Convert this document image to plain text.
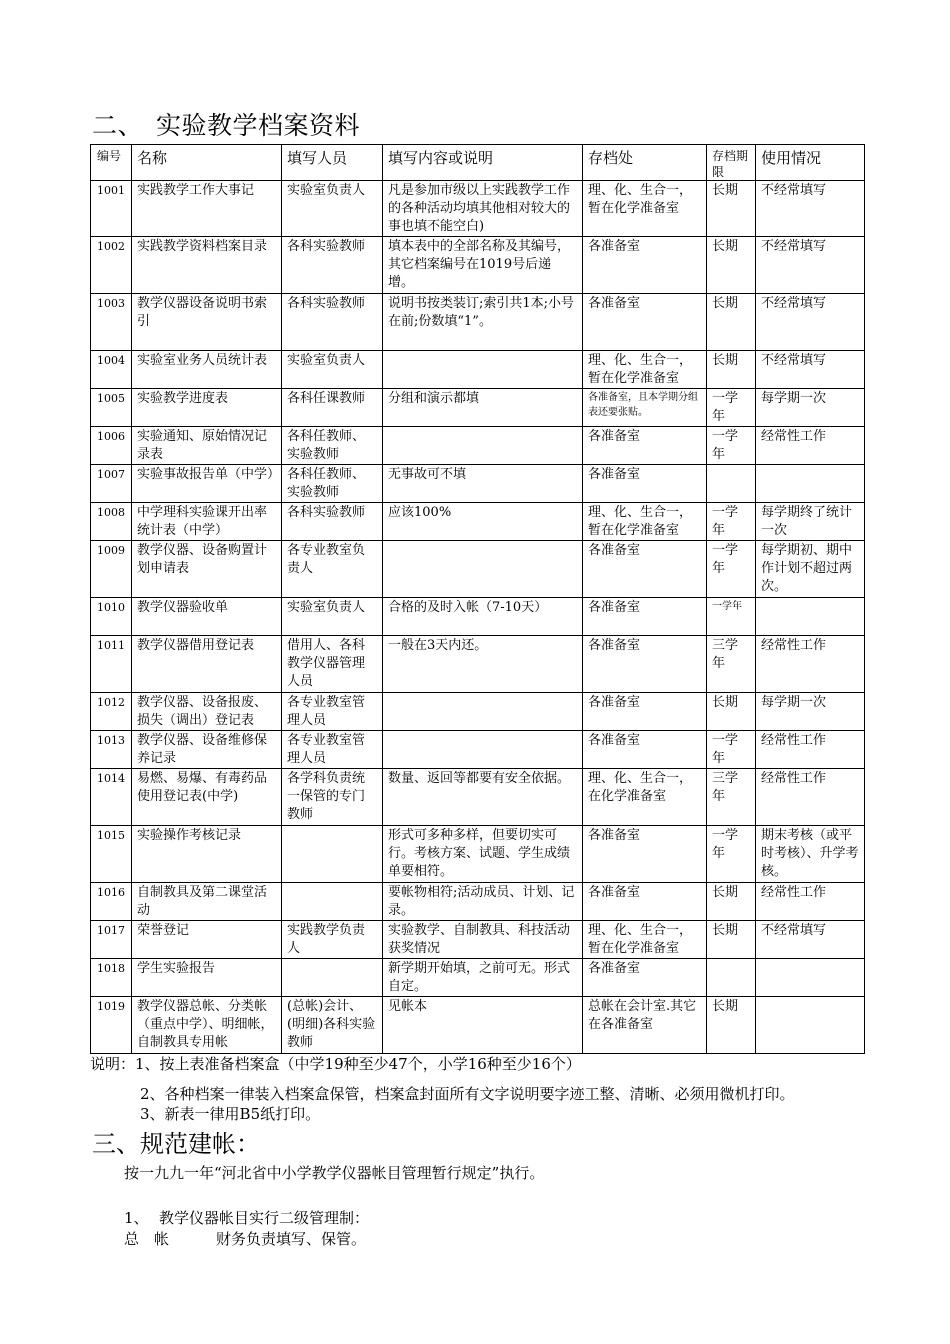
二、 实验教学档案资料
编号	名称	填写人员	填写内容或说明	存档处	存档期限	使用情况
1001	实践教学工作大事记	实验室负责人	凡是参加市级以上实践教学工作的各种活动均填其他相对较大的事也填不能空白)	理、化、生合一，暂在化学准备室	长期	不经常填写
1002	实践教学资料档案目录	各科实验教师	填本表中的全部名称及其编号，其它档案编号在1019号后递增。	各准备室	长期	不经常填写
1003	教学仪器设备说明书索引	各科实验教师	说明书按类装订;索引共1本;小号在前;份数填“1”。	各准备室	长期	不经常填写
1004	实验室业务人员统计表	实验室负责人		理、化、生合一，暂在化学准备室	长期	不经常填写
1005	实验教学进度表	各科任课教师	分组和演示都填	各准备室，且本学期分组表还要张贴。	一学年	每学期一次
1006	实验通知、原始情况记录表	各科任教师、实验教师		各准备室	一学年	经常性工作
1007	实验事故报告单（中学）	各科任教师、实验教师	无事故可不填	各准备室		
1008	中学理科实验课开出率统计表（中学）	各科实验教师	应该100%	理、化、生合一，暂在化学准备室	一学年	每学期终了统计一次
1009	教学仪器、设备购置计划申请表	各专业教室负责人		各准备室	一学年	每学期初、期中作计划不超过两次。
1010	教学仪器验收单	实验室负责人	合格的及时入帐（7-10天）	各准备室	一学年	
1011	教学仪器借用登记表	借用人、各科教学仪器管理人员	一般在3天内还。	各准备室	三学年	经常性工作
1012	教学仪器、设备报废、损失（调出）登记表	各专业教室管理人员		各准备室	长期	每学期一次
1013	教学仪器、设备维修保养记录	各专业教室管理人员		各准备室	一学年	经常性工作
1014	易燃、易爆、有毒药品使用登记表(中学)	各学科负责统一保管的专门教师	数量、返回等都要有安全依据。	理、化、生合一，在化学准备室	三学年	经常性工作
1015	实验操作考核记录		形式可多种多样，但要切实可行。考核方案、试题、学生成绩单要相符。	各准备室	一学年	期末考核（或平时考核）、升学考核。
1016	自制教具及第二课堂活动		要帐物相符;活动成员、计划、记录。	各准备室	长期	经常性工作
1017	荣誉登记	实践教学负责人	实验教学、自制教具、科技活动获奖情况	理、化、生合一，暂在化学准备室	长期	不经常填写
1018	学生实验报告		新学期开始填，之前可无。形式自定。	各准备室		
1019	教学仪器总帐、分类帐（重点中学）、明细帐，自制教具专用帐	(总帐)会计、(明细)各科实验教师	见帐本	总帐在会计室.其它在各准备室	长期	
说明：1、按上表准备档案盒（中学19种至少47个，小学16种至少16个）
2、各种档案一律装入档案盒保管，档案盒封面所有文字说明要字迹工整、清晰、必须用微机打印。
3、新表一律用B5纸打印。
三、规范建帐：
按一九九一年“河北省中小学教学仪器帐目管理暂行规定”执行。
1、 教学仪器帐目实行二级管理制：
总　帐	财务负责填写、保管。
